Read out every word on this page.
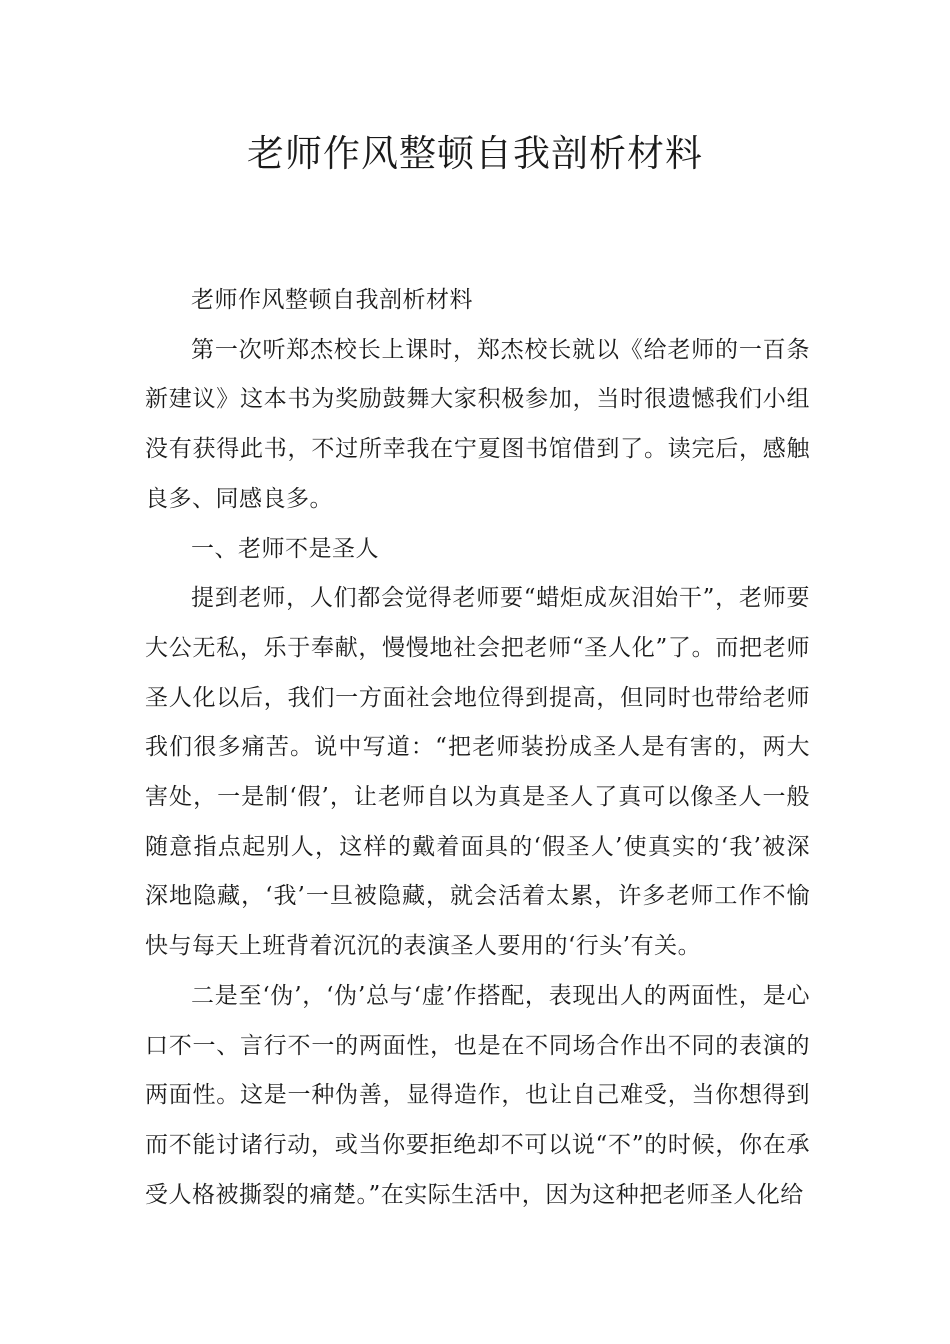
老师作风整顿自我剖析材料

老师作风整顿自我剖析材料

第一次听郑杰校长上课时，郑杰校长就以《给老师的一百条新建议》这本书为奖励鼓舞大家积极参加，当时很遗憾我们小组没有获得此书，不过所幸我在宁夏图书馆借到了。读完后，感触良多、同感良多。

一、老师不是圣人

提到老师，人们都会觉得老师要“蜡炬成灰泪始干”，老师要大公无私，乐于奉献，慢慢地社会把老师“圣人化”了。而把老师圣人化以后，我们一方面社会地位得到提高，但同时也带给老师我们很多痛苦。说中写道：“把老师装扮成圣人是有害的，两大害处，一是制‘假’，让老师自以为真是圣人了真可以像圣人一般随意指点起别人，这样的戴着面具的‘假圣人’使真实的‘我’被深深地隐藏，‘我’一旦被隐藏，就会活着太累，许多老师工作不愉快与每天上班背着沉沉的表演圣人要用的‘行头’有关。

二是至‘伪’，‘伪’总与‘虚’作搭配，表现出人的两面性，是心口不一、言行不一的两面性，也是在不同场合作出不同的表演的两面性。这是一种伪善，显得造作，也让自己难受，当你想得到而不能讨诸行动，或当你要拒绝却不可以说“不”的时候，你在承受人格被撕裂的痛楚。”在实际生活中，因为这种把老师圣人化给
